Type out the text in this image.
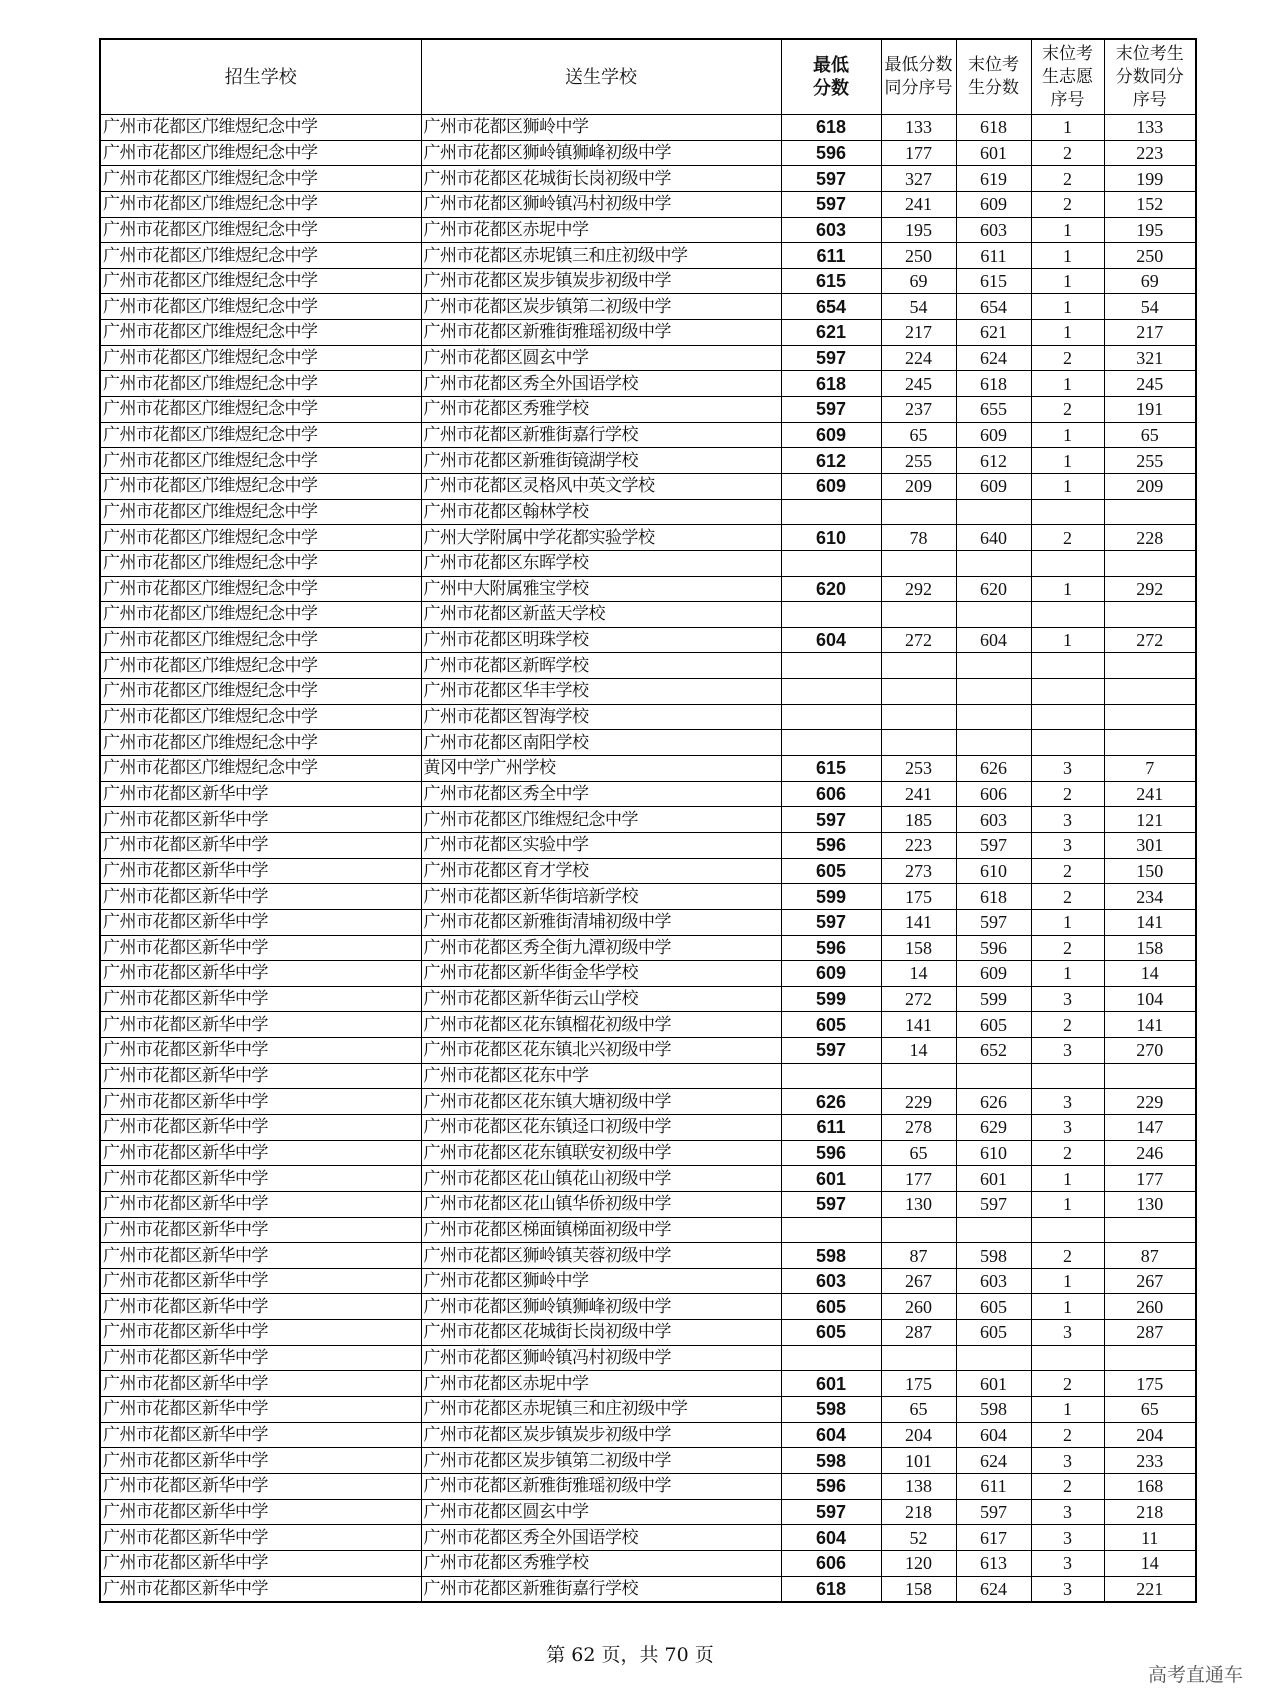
招生学校	送生学校	最低分数	最低分数同分序号	末位考生分数	末位考生志愿序号	末位考生分数同分序号

广州市花都区邝维煜纪念中学	广州市花都区狮岭中学	618	133	618	1	133
广州市花都区邝维煜纪念中学	广州市花都区狮岭镇狮峰初级中学	596	177	601	2	223
广州市花都区邝维煜纪念中学	广州市花都区花城街长岗初级中学	597	327	619	2	199
广州市花都区邝维煜纪念中学	广州市花都区狮岭镇冯村初级中学	597	241	609	2	152
广州市花都区邝维煜纪念中学	广州市花都区赤坭中学	603	195	603	1	195
广州市花都区邝维煜纪念中学	广州市花都区赤坭镇三和庄初级中学	611	250	611	1	250
广州市花都区邝维煜纪念中学	广州市花都区炭步镇炭步初级中学	615	69	615	1	69
广州市花都区邝维煜纪念中学	广州市花都区炭步镇第二初级中学	654	54	654	1	54
广州市花都区邝维煜纪念中学	广州市花都区新雅街雅瑶初级中学	621	217	621	1	217
广州市花都区邝维煜纪念中学	广州市花都区圆玄中学	597	224	624	2	321
广州市花都区邝维煜纪念中学	广州市花都区秀全外国语学校	618	245	618	1	245
广州市花都区邝维煜纪念中学	广州市花都区秀雅学校	597	237	655	2	191
广州市花都区邝维煜纪念中学	广州市花都区新雅街嘉行学校	609	65	609	1	65
广州市花都区邝维煜纪念中学	广州市花都区新雅街镜湖学校	612	255	612	1	255
广州市花都区邝维煜纪念中学	广州市花都区灵格风中英文学校	609	209	609	1	209
广州市花都区邝维煜纪念中学	广州市花都区翰林学校					
广州市花都区邝维煜纪念中学	广州大学附属中学花都实验学校	610	78	640	2	228
广州市花都区邝维煜纪念中学	广州市花都区东晖学校					
广州市花都区邝维煜纪念中学	广州中大附属雅宝学校	620	292	620	1	292
广州市花都区邝维煜纪念中学	广州市花都区新蓝天学校					
广州市花都区邝维煜纪念中学	广州市花都区明珠学校	604	272	604	1	272
广州市花都区邝维煜纪念中学	广州市花都区新晖学校					
广州市花都区邝维煜纪念中学	广州市花都区华丰学校					
广州市花都区邝维煜纪念中学	广州市花都区智海学校					
广州市花都区邝维煜纪念中学	广州市花都区南阳学校					
广州市花都区邝维煜纪念中学	黄冈中学广州学校	615	253	626	3	7
广州市花都区新华中学	广州市花都区秀全中学	606	241	606	2	241
广州市花都区新华中学	广州市花都区邝维煜纪念中学	597	185	603	3	121
广州市花都区新华中学	广州市花都区实验中学	596	223	597	3	301
广州市花都区新华中学	广州市花都区育才学校	605	273	610	2	150
广州市花都区新华中学	广州市花都区新华街培新学校	599	175	618	2	234
广州市花都区新华中学	广州市花都区新雅街清埔初级中学	597	141	597	1	141
广州市花都区新华中学	广州市花都区秀全街九潭初级中学	596	158	596	2	158
广州市花都区新华中学	广州市花都区新华街金华学校	609	14	609	1	14
广州市花都区新华中学	广州市花都区新华街云山学校	599	272	599	3	104
广州市花都区新华中学	广州市花都区花东镇榴花初级中学	605	141	605	2	141
广州市花都区新华中学	广州市花都区花东镇北兴初级中学	597	14	652	3	270
广州市花都区新华中学	广州市花都区花东中学					
广州市花都区新华中学	广州市花都区花东镇大塘初级中学	626	229	626	3	229
广州市花都区新华中学	广州市花都区花东镇迳口初级中学	611	278	629	3	147
广州市花都区新华中学	广州市花都区花东镇联安初级中学	596	65	610	2	246
广州市花都区新华中学	广州市花都区花山镇花山初级中学	601	177	601	1	177
广州市花都区新华中学	广州市花都区花山镇华侨初级中学	597	130	597	1	130
广州市花都区新华中学	广州市花都区梯面镇梯面初级中学					
广州市花都区新华中学	广州市花都区狮岭镇芙蓉初级中学	598	87	598	2	87
广州市花都区新华中学	广州市花都区狮岭中学	603	267	603	1	267
广州市花都区新华中学	广州市花都区狮岭镇狮峰初级中学	605	260	605	1	260
广州市花都区新华中学	广州市花都区花城街长岗初级中学	605	287	605	3	287
广州市花都区新华中学	广州市花都区狮岭镇冯村初级中学					
广州市花都区新华中学	广州市花都区赤坭中学	601	175	601	2	175
广州市花都区新华中学	广州市花都区赤坭镇三和庄初级中学	598	65	598	1	65
广州市花都区新华中学	广州市花都区炭步镇炭步初级中学	604	204	604	2	204
广州市花都区新华中学	广州市花都区炭步镇第二初级中学	598	101	624	3	233
广州市花都区新华中学	广州市花都区新雅街雅瑶初级中学	596	138	611	2	168
广州市花都区新华中学	广州市花都区圆玄中学	597	218	597	3	218
广州市花都区新华中学	广州市花都区秀全外国语学校	604	52	617	3	11
广州市花都区新华中学	广州市花都区秀雅学校	606	120	613	3	14
广州市花都区新华中学	广州市花都区新雅街嘉行学校	618	158	624	3	221
第 62 页，共 70 页
高考直通车
